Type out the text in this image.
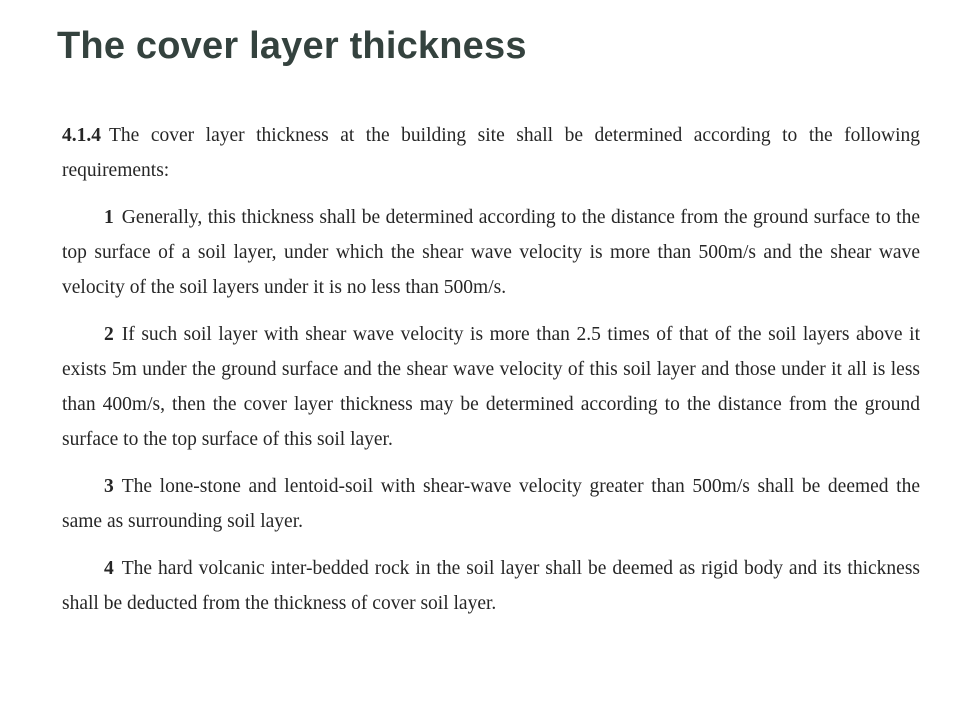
The cover layer thickness

4.1.4 The cover layer thickness at the building site shall be determined according to the following requirements:

1 Generally, this thickness shall be determined according to the distance from the ground surface to the top surface of a soil layer, under which the shear wave velocity is more than 500m/s and the shear wave velocity of the soil layers under it is no less than 500m/s.

2 If such soil layer with shear wave velocity is more than 2.5 times of that of the soil layers above it exists 5m under the ground surface and the shear wave velocity of this soil layer and those under it all is less than 400m/s, then the cover layer thickness may be determined according to the distance from the ground surface to the top surface of this soil layer.

3 The lone-stone and lentoid-soil with shear-wave velocity greater than 500m/s shall be deemed the same as surrounding soil layer.

4 The hard volcanic inter-bedded rock in the soil layer shall be deemed as rigid body and its thickness shall be deducted from the thickness of cover soil layer.
